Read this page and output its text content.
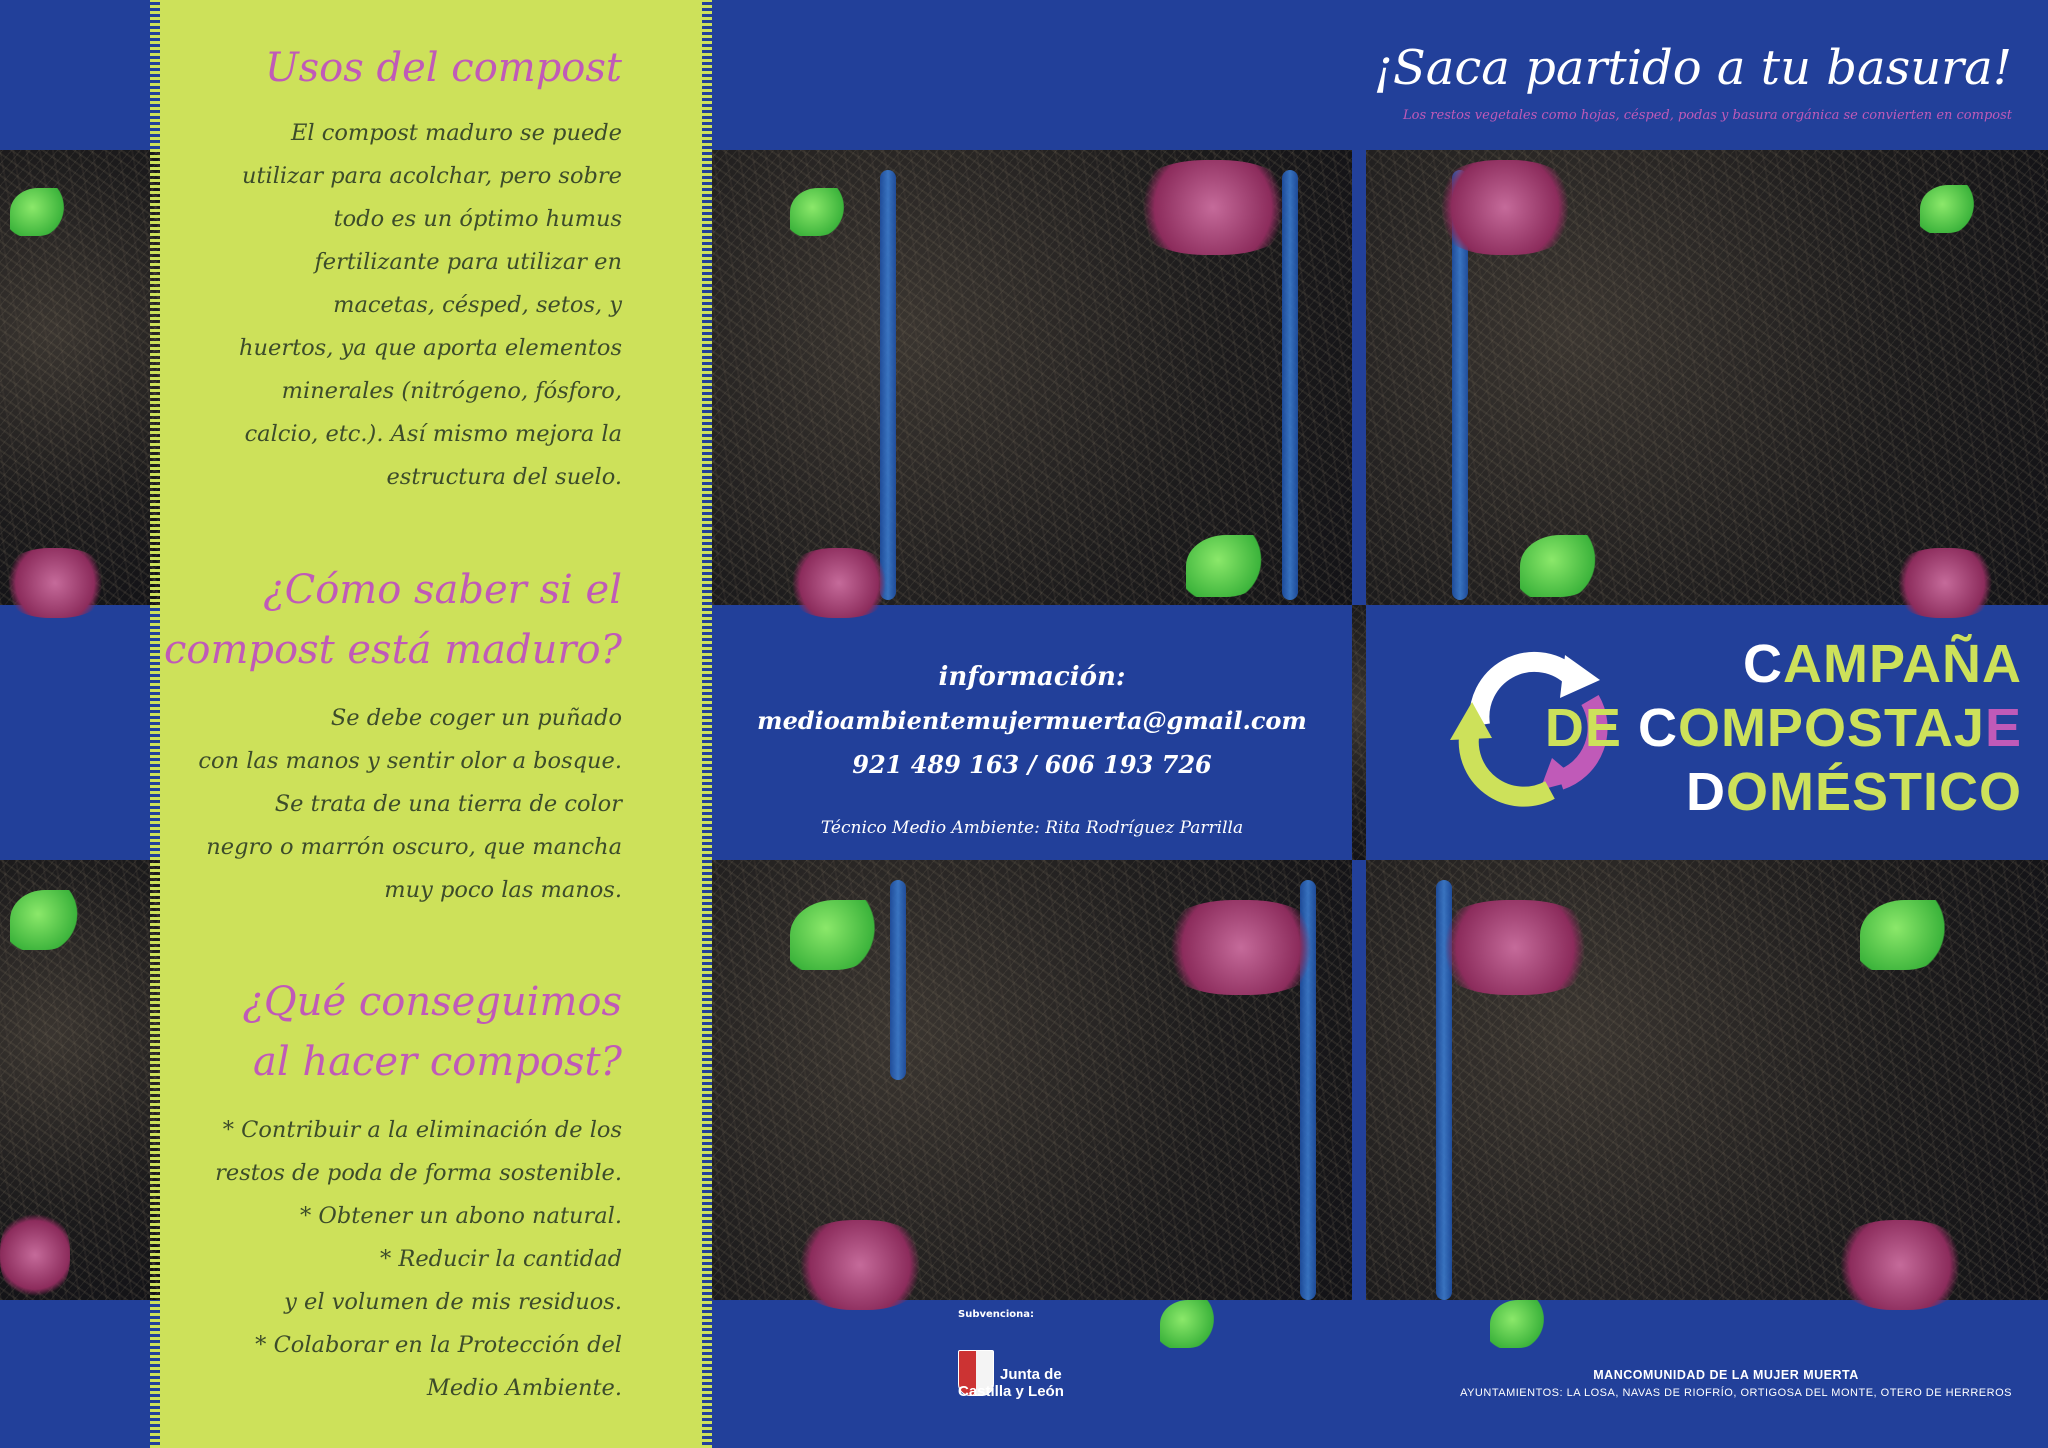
Usos del compost
El compost maduro se puede
utilizar para acolchar, pero sobre
todo es un óptimo humus
fertilizante para utilizar en
macetas, césped, setos, y
huertos, ya que aporta elementos
minerales (nitrógeno, fósforo,
calcio, etc.). Así mismo mejora la
estructura del suelo.
¿Cómo saber si el
compost está maduro?
Se debe coger un puñado
con las manos y sentir olor a bosque.
Se trata de una tierra de color
negro o marrón oscuro, que mancha
muy poco las manos.
¿Qué conseguimos
al hacer compost?
* Contribuir a la eliminación de los
restos de poda de forma sostenible.
* Obtener un abono natural.
* Reducir la cantidad
y el volumen de mis residuos.
* Colaborar en la Protección del
Medio Ambiente.
información:
medioambientemujermuerta@gmail.com
921 489 163 / 606 193 726
Técnico Medio Ambiente: Rita Rodríguez Parrilla
¡Saca partido a tu basura!
Los restos vegetales como hojas, césped, podas y basura orgánica se convierten en compost
CAMPAÑA
DE COMPOSTAJE
DOMÉSTICO
Subvenciona:
Junta de
Castilla y León
MANCOMUNIDAD DE LA MUJER MUERTA
AYUNTAMIENTOS: LA LOSA, NAVAS DE RIOFRÍO, ORTIGOSA DEL MONTE, OTERO DE HERREROS
